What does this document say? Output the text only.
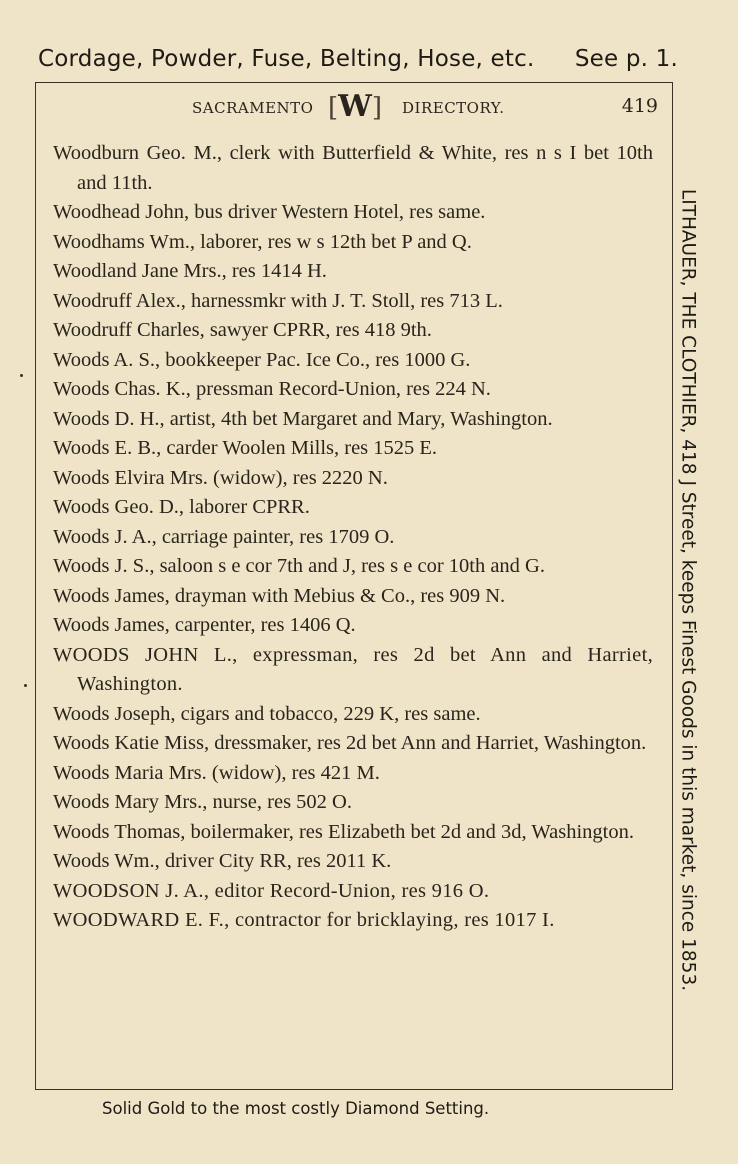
Cordage, Powder, Fuse, Belting, Hose, etc. See p. 1.
SACRAMENTO [W] DIRECTORY.	419
Woodburn Geo. M., clerk with Butterfield & White, res n s I bet 10th and 11th.
Woodhead John, bus driver Western Hotel, res same.
Woodhams Wm., laborer, res w s 12th bet P and Q.
Woodland Jane Mrs., res 1414 H.
Woodruff Alex., harnessmkr with J. T. Stoll, res 713 L.
Woodruff Charles, sawyer CPRR, res 418 9th.
Woods A. S., bookkeeper Pac. Ice Co., res 1000 G.
Woods Chas. K., pressman Record-Union, res 224 N.
Woods D. H., artist, 4th bet Margaret and Mary, Washington.
Woods E. B., carder Woolen Mills, res 1525 E.
Woods Elvira Mrs. (widow), res 2220 N.
Woods Geo. D., laborer CPRR.
Woods J. A., carriage painter, res 1709 O.
Woods J. S., saloon s e cor 7th and J, res s e cor 10th and G.
Woods James, drayman with Mebius & Co., res 909 N.
Woods James, carpenter, res 1406 Q.
WOODS JOHN L., expressman, res 2d bet Ann and Harriet, Washington.
Woods Joseph, cigars and tobacco, 229 K, res same.
Woods Katie Miss, dressmaker, res 2d bet Ann and Harriet, Washington.
Woods Maria Mrs. (widow), res 421 M.
Woods Mary Mrs., nurse, res 502 O.
Woods Thomas, boilermaker, res Elizabeth bet 2d and 3d, Washington.
Woods Wm., driver City RR, res 2011 K.
WOODSON J. A., editor Record-Union, res 916 O.
WOODWARD E. F., contractor for bricklaying, res 1017 I.	LITHAUER, THE CLOTHIER, 418 J Street, keeps Finest Goods in this market, since 1853.
Solid Gold to the most costly Diamond Setting.
